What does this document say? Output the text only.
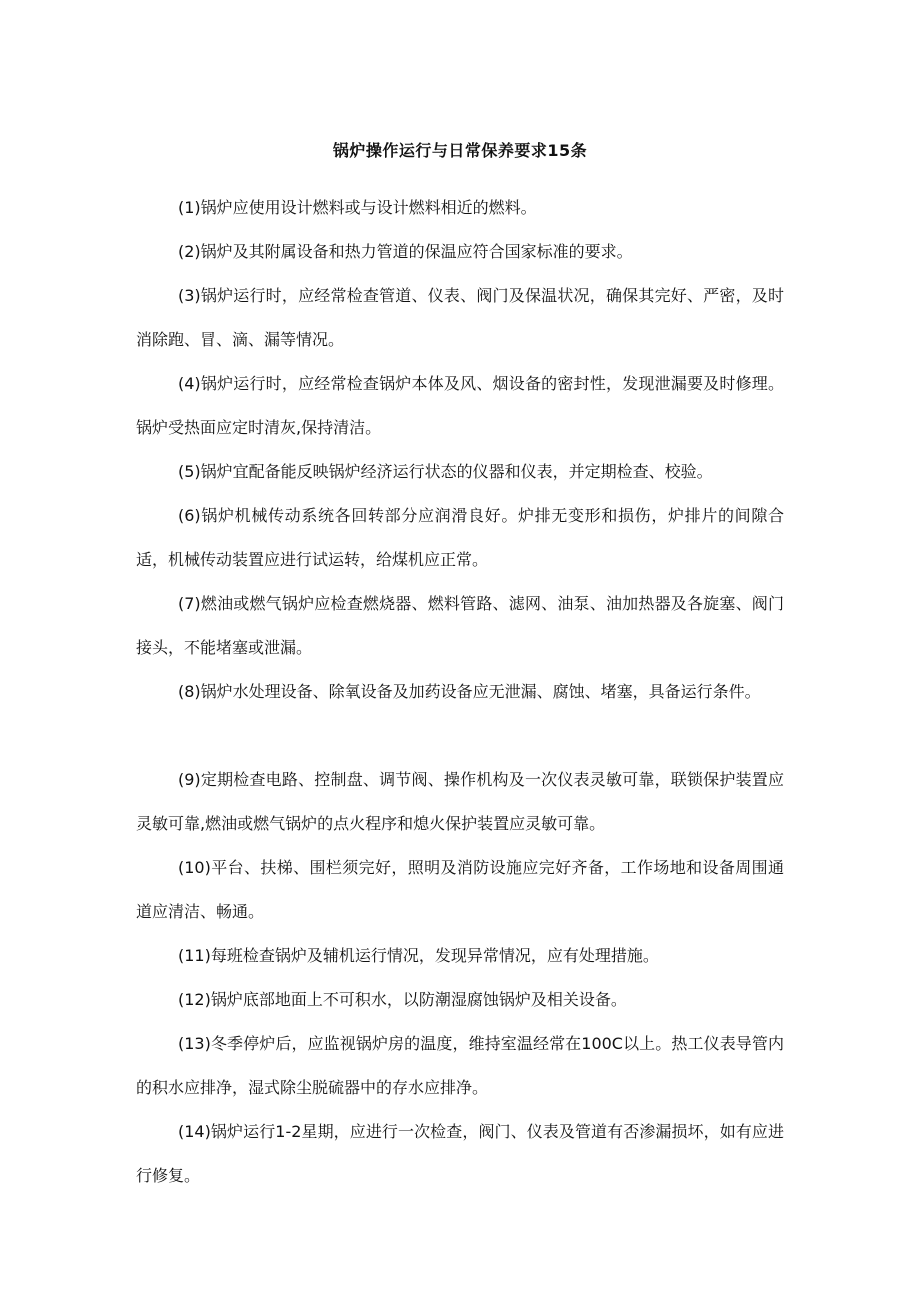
锅炉操作运行与日常保养要求15条

(1)锅炉应使用设计燃料或与设计燃料相近的燃料。

(2)锅炉及其附属设备和热力管道的保温应符合国家标准的要求。

(3)锅炉运行时，应经常检查管道、仪表、阀门及保温状况，确保其完好、严密，及时消除跑、冒、滴、漏等情况。

(4)锅炉运行时，应经常检查锅炉本体及风、烟设备的密封性，发现泄漏要及时修理。锅炉受热面应定时清灰,保持清洁。

(5)锅炉宜配备能反映锅炉经济运行状态的仪器和仪表，并定期检查、校验。

(6)锅炉机械传动系统各回转部分应润滑良好。炉排无变形和损伤，炉排片的间隙合适，机械传动装置应进行试运转，给煤机应正常。

(7)燃油或燃气锅炉应检查燃烧器、燃料管路、滤网、油泵、油加热器及各旋塞、阀门接头，不能堵塞或泄漏。

(8)锅炉水处理设备、除氧设备及加药设备应无泄漏、腐蚀、堵塞，具备运行条件。

(9)定期检查电路、控制盘、调节阀、操作机构及一次仪表灵敏可靠，联锁保护装置应灵敏可靠,燃油或燃气锅炉的点火程序和熄火保护装置应灵敏可靠。

(10)平台、扶梯、围栏须完好，照明及消防设施应完好齐备，工作场地和设备周围通道应清洁、畅通。

(11)每班检查锅炉及辅机运行情况，发现异常情况，应有处理措施。

(12)锅炉底部地面上不可积水，以防潮湿腐蚀锅炉及相关设备。

(13)冬季停炉后，应监视锅炉房的温度，维持室温经常在100C以上。热工仪表导管内的积水应排净，湿式除尘脱硫器中的存水应排净。

(14)锅炉运行1-2星期，应进行一次检查，阀门、仪表及管道有否渗漏损坏，如有应进行修复。
